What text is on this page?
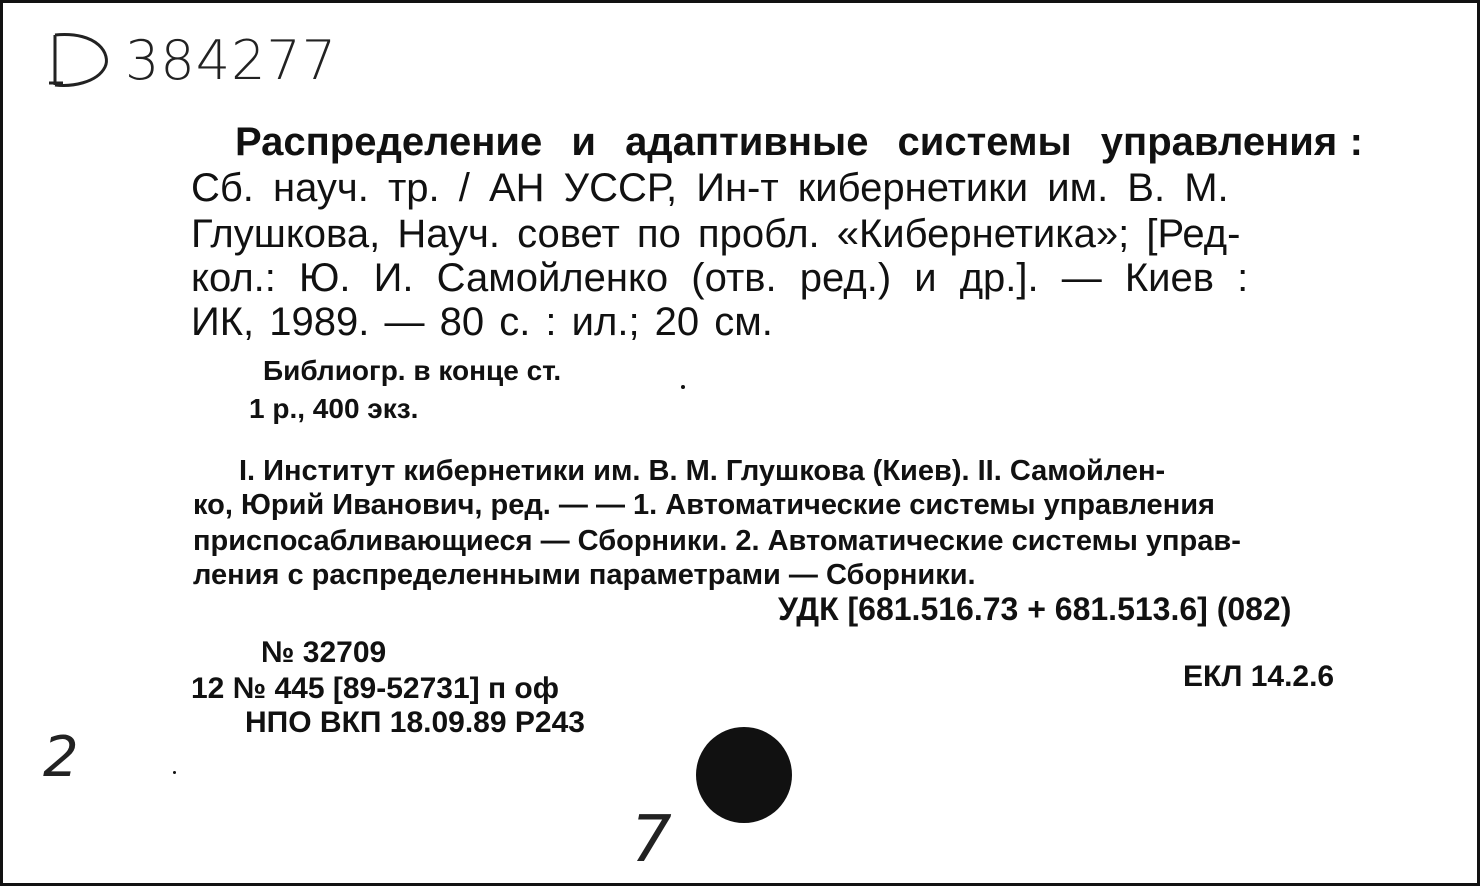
384277
Распределение и адаптивные системы управления :
Сб. науч. тр. / АН УССР, Ин-т кибернетики им. В. М.
Глушкова, Науч. совет по пробл. «Кибернетика»; [Ред-
кол.: Ю. И. Самойленко (отв. ред.) и др.]. — Киев :
ИК, 1989. — 80 с. : ил.; 20 см.
Библиогр. в конце ст.
1 р., 400 экз.
I. Институт кибернетики им. В. М. Глушкова (Киев). II. Самойлен-
ко, Юрий Иванович, ред. — — 1. Автоматические системы управления
приспосабливающиеся — Сборники. 2. Автоматические системы управ-
ления с распределенными параметрами — Сборники.
УДК [681.516.73 + 681.513.6] (082)
№ 32709
12 № 445 [89-52731] п оф
НПО ВКП 18.09.89 Р243
ЕКЛ 14.2.6
2
7
